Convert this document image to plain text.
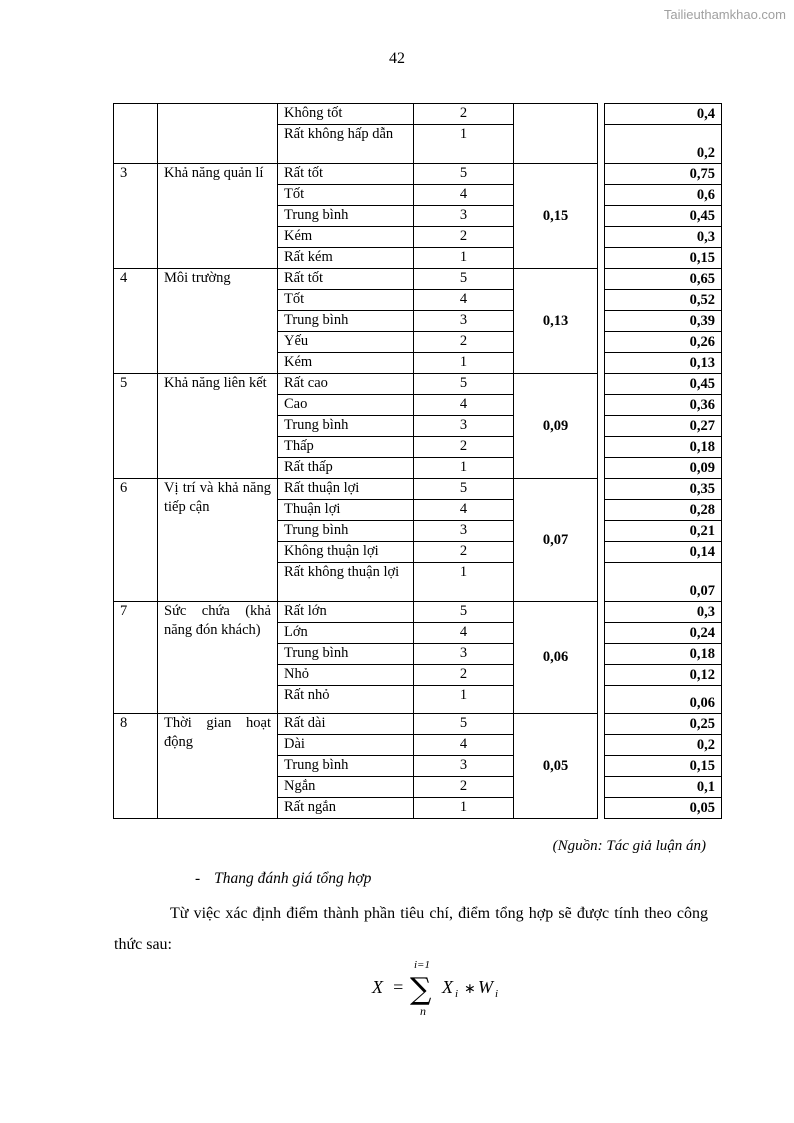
Tailieuthamkhao.com
42
		Không tốt	2			0,4
		Rất không hấp dẫn	1			0,2
3	Khả năng quản lí	Rất tốt	5	0,15		0,75
		Tốt	4			0,6
		Trung bình	3			0,45
		Kém	2			0,3
		Rất kém	1			0,15
4	Môi trường	Rất tốt	5	0,13		0,65
		Tốt	4			0,52
		Trung bình	3			0,39
		Yếu	2			0,26
		Kém	1			0,13
5	Khả năng liên kết	Rất cao	5	0,09		0,45
		Cao	4			0,36
		Trung bình	3			0,27
		Thấp	2			0,18
		Rất thấp	1			0,09
6	Vị trí và khả năng tiếp cận	Rất thuận lợi	5	0,07		0,35
		Thuận lợi	4			0,28
		Trung bình	3			0,21
		Không thuận lợi	2			0,14
		Rất không thuận lợi	1			0,07
7	Sức chứa (khả năng đón khách)	Rất lớn	5	0,06		0,3
		Lớn	4			0,24
		Trung bình	3			0,18
		Nhỏ	2			0,12
		Rất nhỏ	1			0,06
8	Thời gian hoạt động	Rất dài	5	0,05		0,25
		Dài	4			0,2
		Trung bình	3			0,15
		Ngắn	2			0,1
		Rất ngắn	1			0,05
(Nguồn: Tác giả luận án)
- Thang đánh giá tổng hợp
Từ việc xác định điểm thành phần tiêu chí, điểm tổng hợp sẽ được tính theo công thức sau:
X =
i=1
∑
n
X i ∗ W i
